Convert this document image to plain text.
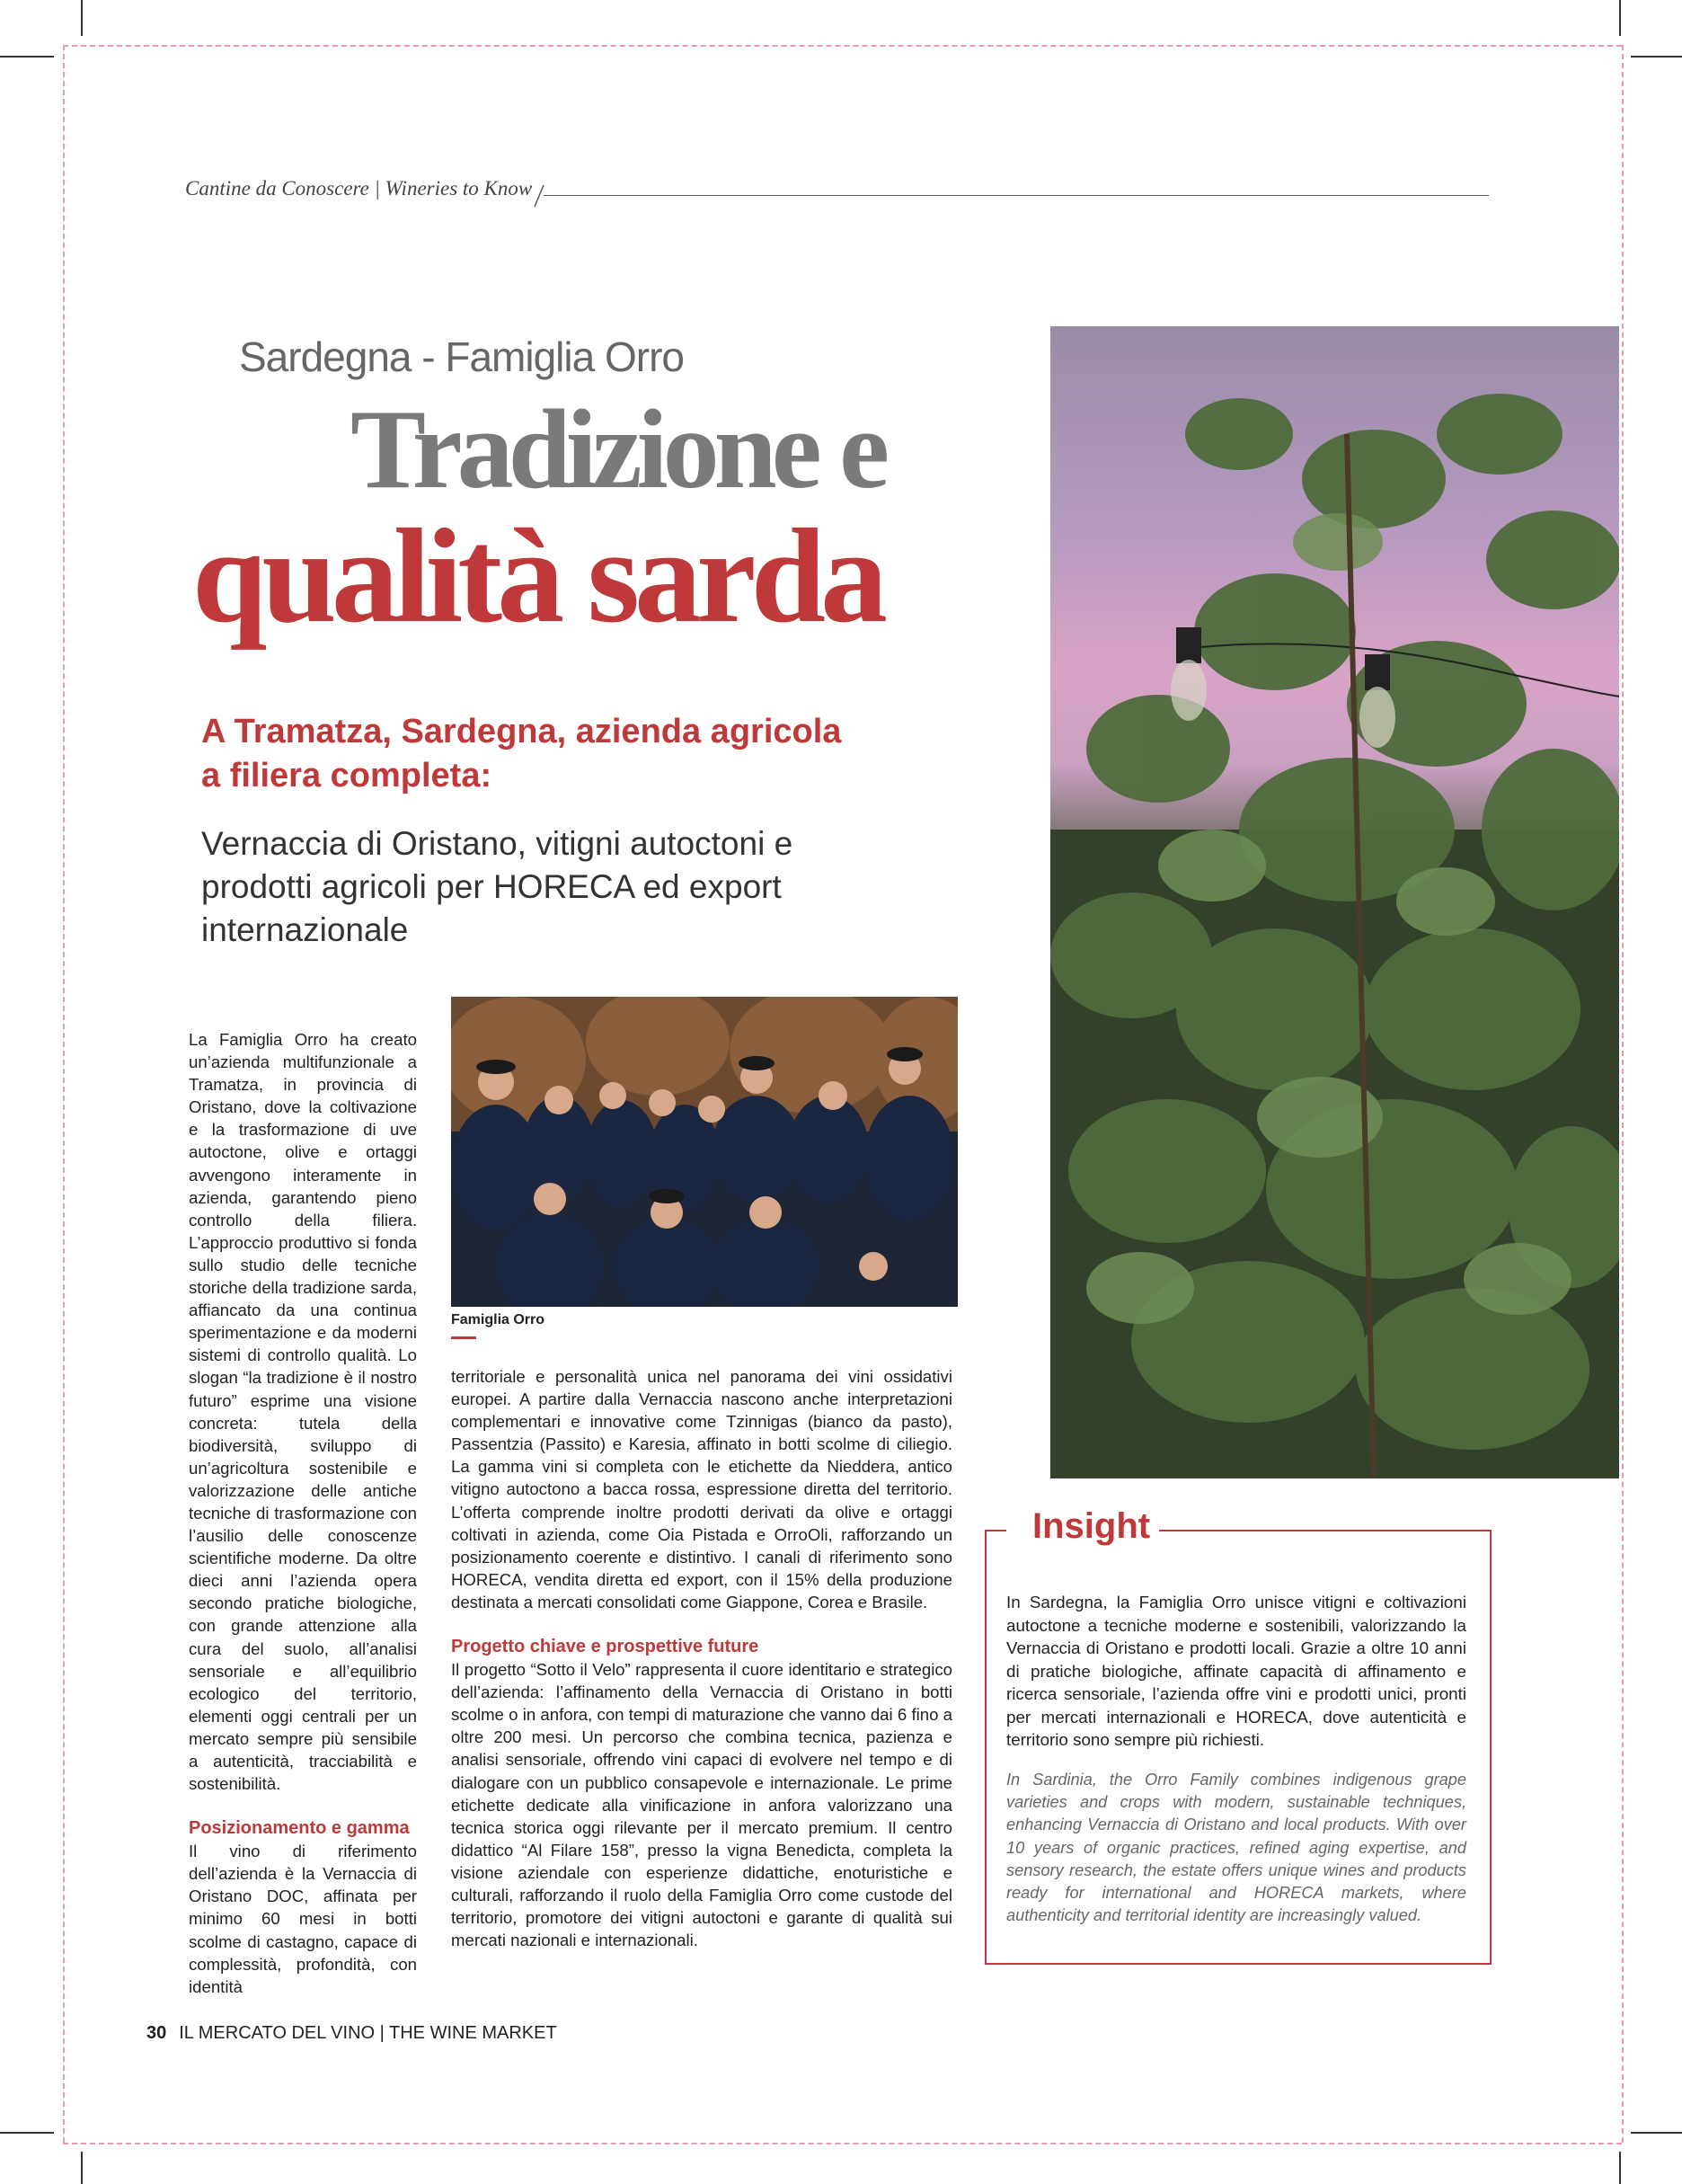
Cantine da Conoscere | Wineries to Know
Sardegna - Famiglia Orro
Tradizione e
qualità sarda
A Tramatza, Sardegna, azienda agricola a filiera completa:
Vernaccia di Oristano, vitigni autoctoni e prodotti agricoli per HORECA ed export internazionale
Famiglia Orro

La Famiglia Orro ha creato un’azienda multifunzionale a Tramatza, in provincia di Oristano, dove la coltivazione e la trasformazione di uve autoctone, olive e ortaggi avvengono interamente in azienda, garantendo pieno controllo della filiera. L’approccio produttivo si fonda sullo studio delle tecniche storiche della tradizione sarda, affiancato da una continua sperimentazione e da moderni sistemi di controllo qualità. Lo slogan “la tradizione è il nostro futuro” esprime una visione concreta: tutela della biodiversità, sviluppo di un’agricoltura sostenibile e valorizzazione delle antiche tecniche di trasformazione con l’ausilio delle conoscenze scientifiche moderne. Da oltre dieci anni l’azienda opera secondo pratiche biologiche, con grande attenzione alla cura del suolo, all’analisi sensoriale e all’equilibrio ecologico del territorio, elementi oggi centrali per un mercato sempre più sensibile a autenticità, tracciabilità e sostenibilità.

Posizionamento e gamma

Il vino di riferimento dell’azienda è la Vernaccia di Oristano DOC, affinata per minimo 60 mesi in botti scolme di castagno, capace di complessità, profondità, con identità

territoriale e personalità unica nel panorama dei vini ossidativi europei. A partire dalla Vernaccia nascono anche interpretazioni complementari e innovative come Tzinnigas (bianco da pasto), Passentzia (Passito) e Karesia, affinato in botti scolme di ciliegio. La gamma vini si completa con le etichette da Nieddera, antico vitigno autoctono a bacca rossa, espressione diretta del territorio. L’offerta comprende inoltre prodotti derivati da olive e ortaggi coltivati in azienda, come Oia Pistada e OrroOli, rafforzando un posizionamento coerente e distintivo. I canali di riferimento sono HORECA, vendita diretta ed export, con il 15% della produzione destinata a mercati consolidati come Giappone, Corea e Brasile.

Progetto chiave e prospettive future

Il progetto “Sotto il Velo” rappresenta il cuore identitario e strategico dell’azienda: l’affinamento della Vernaccia di Oristano in botti scolme o in anfora, con tempi di maturazione che vanno dai 6 fino a oltre 200 mesi. Un percorso che combina tecnica, pazienza e analisi sensoriale, offrendo vini capaci di evolvere nel tempo e di dialogare con un pubblico consapevole e internazionale. Le prime etichette dedicate alla vinificazione in anfora valorizzano una tecnica storica oggi rilevante per il mercato premium. Il centro didattico “Al Filare 158”, presso la vigna Benedicta, completa la visione aziendale con esperienze didattiche, enoturistiche e culturali, rafforzando il ruolo della Famiglia Orro come custode del territorio, promotore dei vitigni autoctoni e garante di qualità sui mercati nazionali e internazionali.

Insight
In Sardegna, la Famiglia Orro unisce vitigni e coltivazioni autoctone a tecniche moderne e sostenibili, valorizzando la Vernaccia di Oristano e prodotti locali. Grazie a oltre 10 anni di pratiche biologiche, affinate capacità di affinamento e ricerca sensoriale, l’azienda offre vini e prodotti unici, pronti per mercati internazionali e HORECA, dove autenticità e territorio sono sempre più richiesti.
In Sardinia, the Orro Family combines indigenous grape varieties and crops with modern, sustainable techniques, enhancing Vernaccia di Oristano and local products. With over 10 years of organic practices, refined aging expertise, and sensory research, the estate offers unique wines and products ready for international and HORECA markets, where authenticity and territorial identity are increasingly valued.
30 IL MERCATO DEL VINO | THE WINE MARKET
